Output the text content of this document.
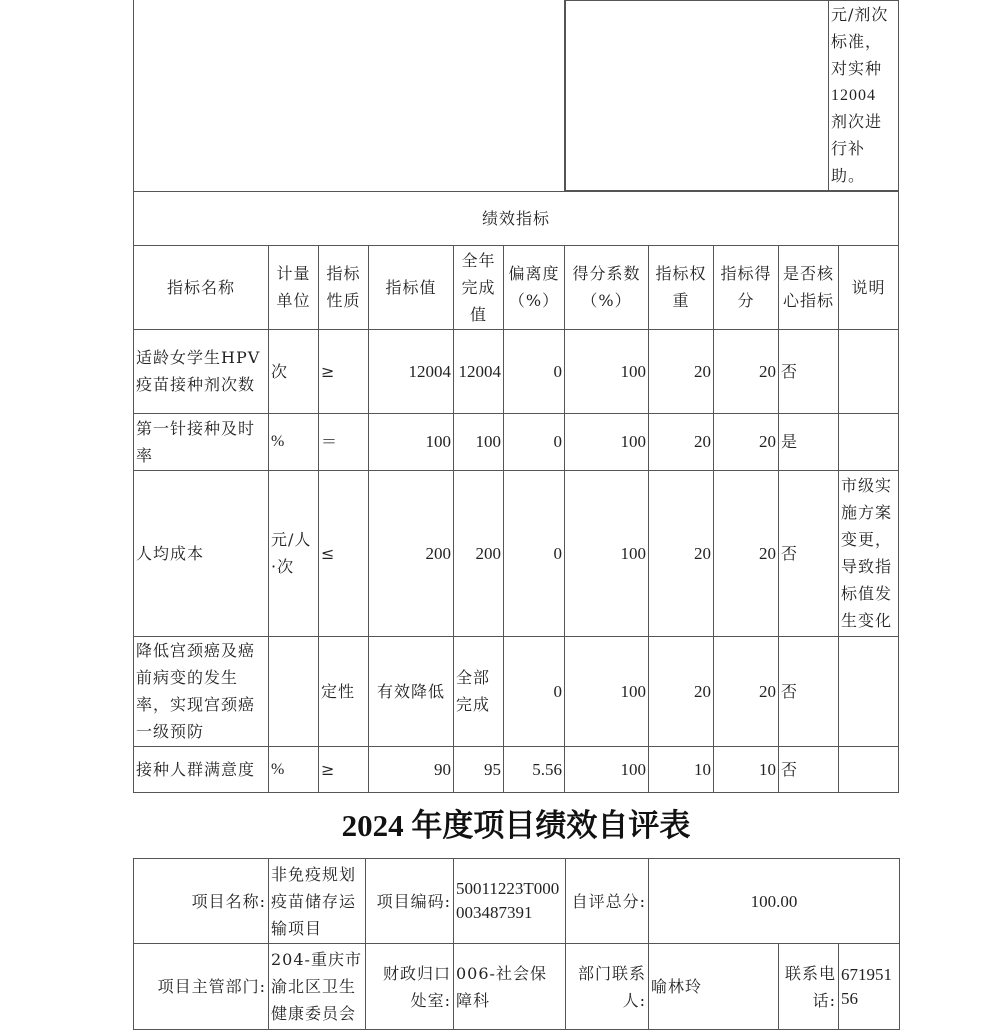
元/剂次标准，对实种
12004 剂次进行补助。

绩效指标
指标名称	计量单位	指标性质	指标值	全年完成值	偏离度（%）	得分系数（%）	指标权重	指标得分	是否核心指标	说明
适龄女学生HPV疫苗接种剂次数	次	≥	12004	12004	0	100	20	20	否	
第一针接种及时率	%	＝	100	100	0	100	20	20	是	
人均成本	元/人·次	≤	200	200	0	100	20	20	否	市级实施方案变更，导致指标值发生变化
降低宫颈癌及癌前病变的发生率，实现宫颈癌一级预防		定性	有效降低	全部完成	0	100	20	20	否	
接种人群满意度	%	≥	90	95	5.56	100	10	10	否	
2024 年度项目绩效自评表
项目名称:	非免疫规划疫苗储存运输项目	项目编码:	50011223T000003487391	自评总分:	100.00		
项目主管部门:	204-重庆市渝北区卫生健康委员会	财政归口处室:	006-社会保障科	部门联系人:	喻林玲	联系电话:	67195156
